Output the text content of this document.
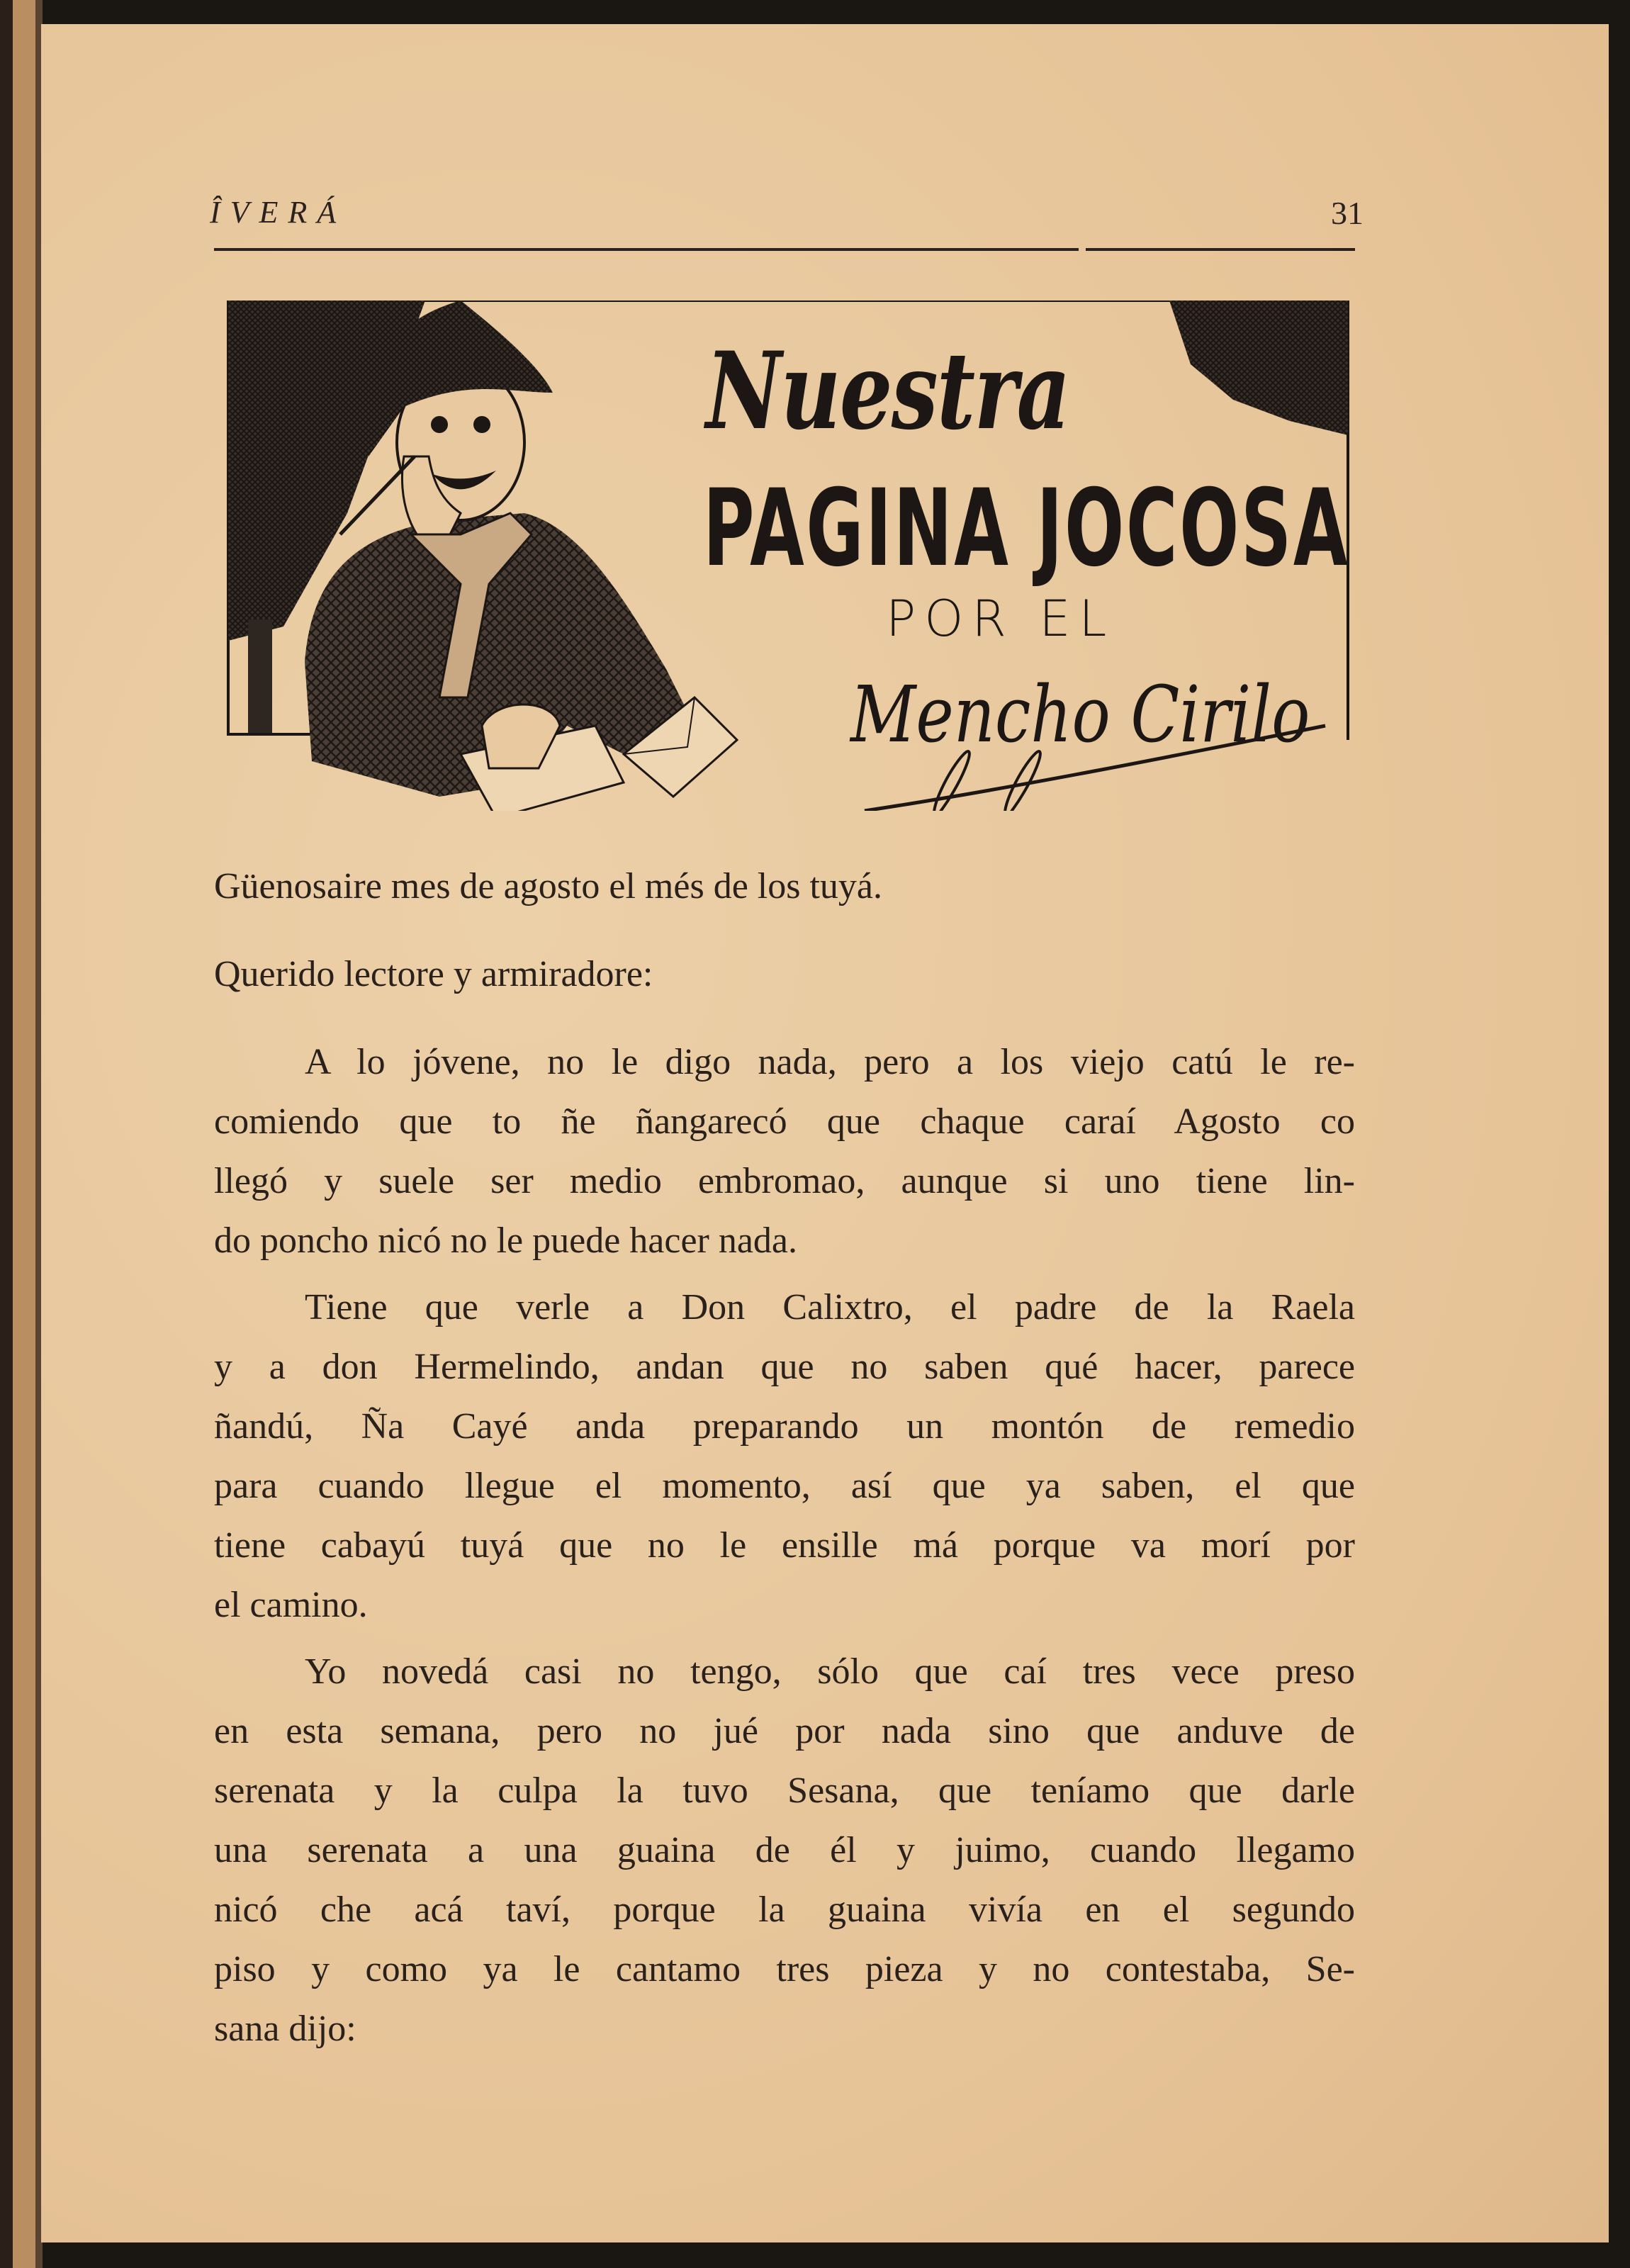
ÎVERÁ	31
Nuestra
PAGINA JOCOSA
POR EL
Mencho Cirilo
Güenosaire mes de agosto el més de los tuyá.
Querido lectore y armiradore:
A lo jóvene, no le digo nada, pero a los viejo catú le re-
comiendo que to ñe ñangarecó que chaque caraí Agosto co
llegó y suele ser medio embromao, aunque si uno tiene lin-
do poncho nicó no le puede hacer nada.
Tiene que verle a Don Calixtro, el padre de la Raela
y a don Hermelindo, andan que no saben qué hacer, parece
ñandú, Ña Cayé anda preparando un montón de remedio
para cuando llegue el momento, así que ya saben, el que
tiene cabayú tuyá que no le ensille má porque va morí por
el camino.
Yo novedá casi no tengo, sólo que caí tres vece preso
en esta semana, pero no jué por nada sino que anduve de
serenata y la culpa la tuvo Sesana, que teníamo que darle
una serenata a una guaina de él y juimo, cuando llegamo
nicó che acá taví, porque la guaina vivía en el segundo
piso y como ya le cantamo tres pieza y no contestaba, Se-
sana dijo:
